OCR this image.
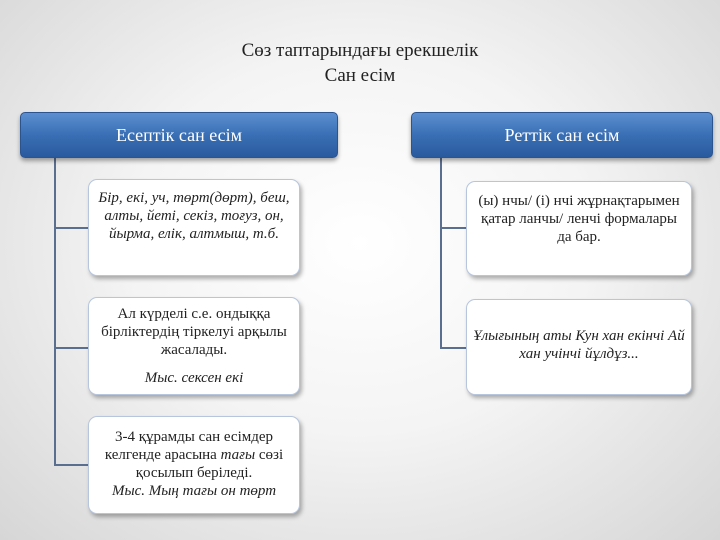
Сөз таптарындағы ерекшелік
Сан есім
Есептік сан есім	Реттік сан есім
Бір, екі, уч, төрт(дөрт), беш, алты, йеті, секіз, тоғуз, он, йырма, елік, алтмыш, т.б.
Ал күрделі с.е. ондыққа бірліктердің тіркелуі арқылы жасалады.
Мыс. сексен екі
3-4 құрамды сан есімдер келгенде арасына тағы сөзі қосылып беріледі.
Мыс. Мың тағы он төрт
(ы) нчы/ (і) нчі жұрнақтарымен қатар ланчы/ ленчі формалары да бар.
Ұлығының аты Кун хан екінчі Ай хан учінчі йұлдұз...
